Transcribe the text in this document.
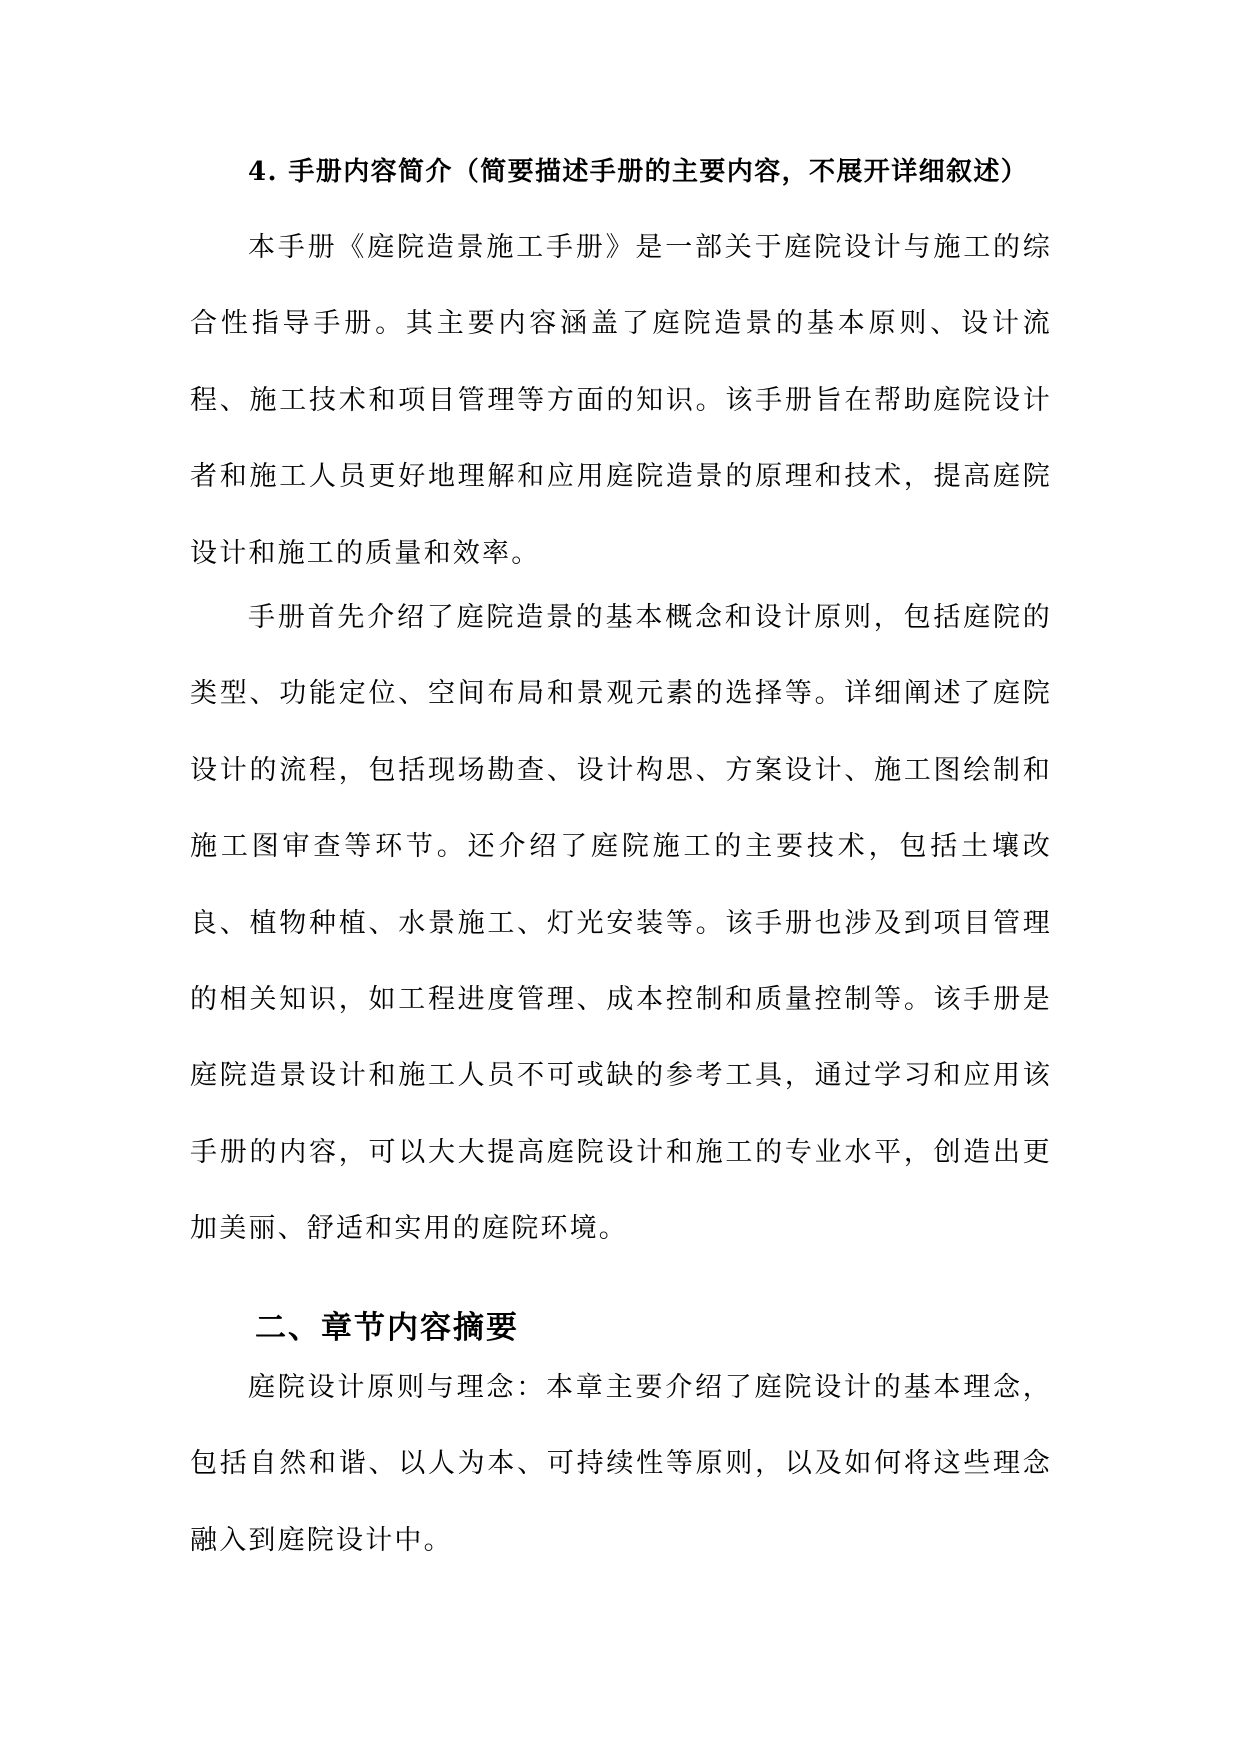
4. 手册内容简介（简要描述手册的主要内容，不展开详细叙述）

本手册《庭院造景施工手册》是一部关于庭院设计与施工的综合性指导手册。其主要内容涵盖了庭院造景的基本原则、设计流程、施工技术和项目管理等方面的知识。该手册旨在帮助庭院设计者和施工人员更好地理解和应用庭院造景的原理和技术，提高庭院设计和施工的质量和效率。

手册首先介绍了庭院造景的基本概念和设计原则，包括庭院的类型、功能定位、空间布局和景观元素的选择等。详细阐述了庭院设计的流程，包括现场勘查、设计构思、方案设计、施工图绘制和施工图审查等环节。还介绍了庭院施工的主要技术，包括土壤改良、植物种植、水景施工、灯光安装等。该手册也涉及到项目管理的相关知识，如工程进度管理、成本控制和质量控制等。该手册是庭院造景设计和施工人员不可或缺的参考工具，通过学习和应用该手册的内容，可以大大提高庭院设计和施工的专业水平，创造出更加美丽、舒适和实用的庭院环境。

二、章节内容摘要

庭院设计原则与理念：本章主要介绍了庭院设计的基本理念，包括自然和谐、以人为本、可持续性等原则，以及如何将这些理念融入到庭院设计中。
